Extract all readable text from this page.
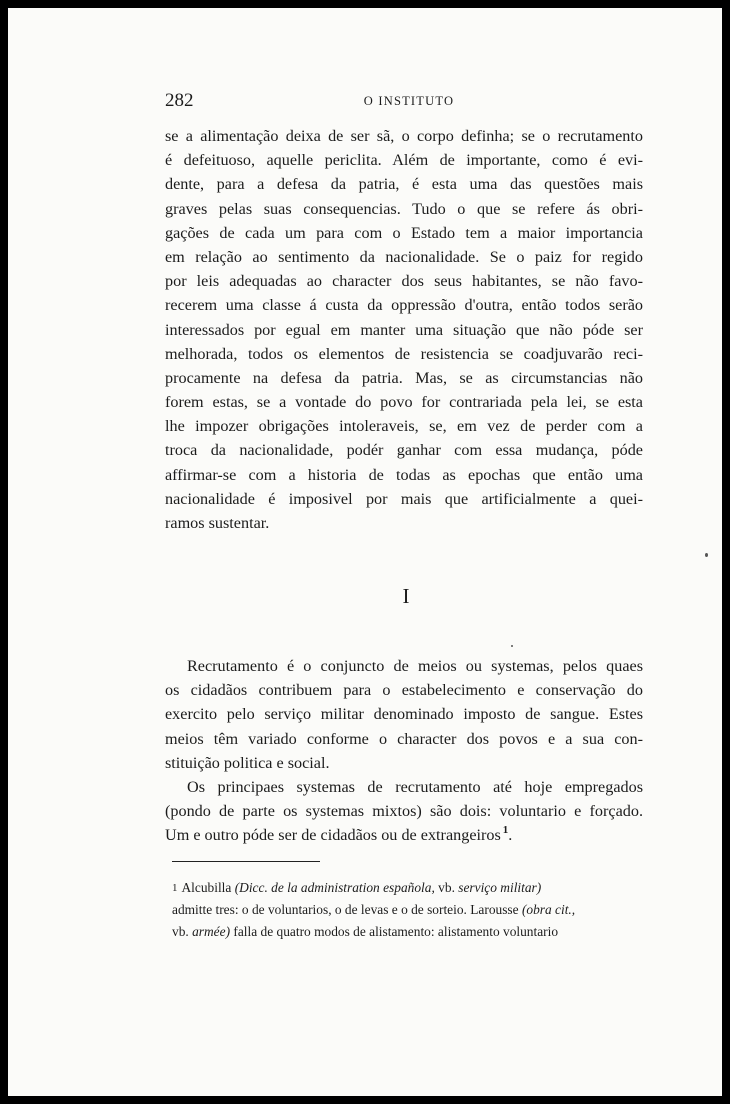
282	O INSTITUTO
se a alimentação deixa de ser sã, o corpo definha; se o recrutamento
é defeituoso, aquelle periclita. Além de importante, como é evi-
dente, para a defesa da patria, é esta uma das questões mais
graves pelas suas consequencias. Tudo o que se refere ás obri-
gações de cada um para com o Estado tem a maior importancia
em relação ao sentimento da nacionalidade. Se o paiz for regido
por leis adequadas ao character dos seus habitantes, se não favo-
recerem uma classe á custa da oppressão d'outra, então todos serão
interessados por egual em manter uma situação que não póde ser
melhorada, todos os elementos de resistencia se coadjuvarão reci-
procamente na defesa da patria. Mas, se as circumstancias não
forem estas, se a vontade do povo for contrariada pela lei, se esta
lhe impozer obrigações intoleraveis, se, em vez de perder com a
troca da nacionalidade, podér ganhar com essa mudança, póde
affirmar-se com a historia de todas as epochas que então uma
nacionalidade é imposivel por mais que artificialmente a quei-
ramos sustentar.
I
Recrutamento é o conjuncto de meios ou systemas, pelos quaes
os cidadãos contribuem para o estabelecimento e conservação do
exercito pelo serviço militar denominado imposto de sangue. Estes
meios têm variado conforme o character dos povos e a sua con-
stituição politica e social.
Os principaes systemas de recrutamento até hoje empregados
(pondo de parte os systemas mixtos) são dois: voluntario e forçado.
Um e outro póde ser de cidadãos ou de extrangeiros $^1$.
1 Alcubilla (Dicc. de la administration española, vb. serviço militar)
admitte tres: o de voluntarios, o de levas e o de sorteio. Larousse (obra cit.,
vb. armée) falla de quatro modos de alistamento: alistamento voluntario
